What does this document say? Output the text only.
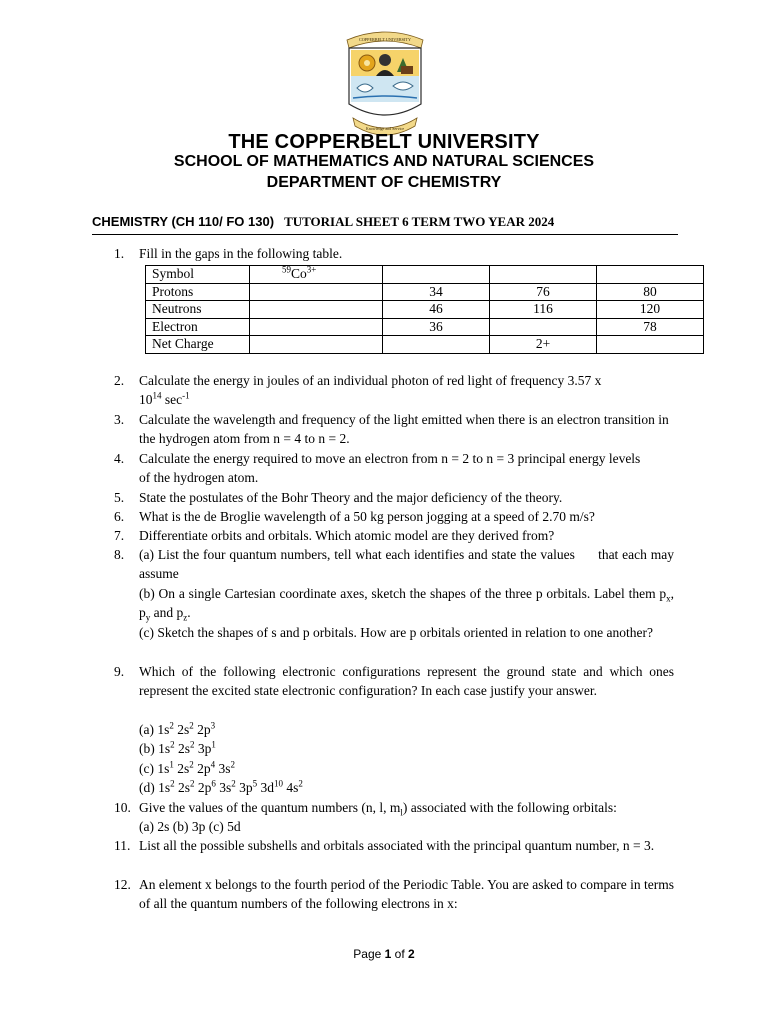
COPPERBELT UNIVERSITY
Knowledge and Service
THE COPPERBELT UNIVERSITY
SCHOOL OF MATHEMATICS AND NATURAL SCIENCES
DEPARTMENT OF CHEMISTRY
CHEMISTRY (CH 110/ FO 130) TUTORIAL SHEET 6 TERM TWO YEAR 2024
1.	Fill in the gaps in the following table.
Symbol	$^{59}Co^{3+}$			
Protons		34	76	80
Neutrons		46	116	120
Electron		36		78
Net Charge			2+	
2.	Calculate the energy in joules of an individual photon of red light of frequency 3.57 x
$10^{14}$ $\sec^{-1}$
3.	Calculate the wavelength and frequency of the light emitted when there is an electron transition in the hydrogen atom from n = 4 to n = 2.
4.	Calculate the energy required to move an electron from n = 2 to n = 3 principal energy levels of the hydrogen atom.
5.	State the postulates of the Bohr Theory and the major deficiency of the theory.
6.	What is the de Broglie wavelength of a 50 kg person jogging at a speed of 2.70 m/s?
7.	Differentiate orbits and orbitals. Which atomic model are they derived from?
8.	(a) List the four quantum numbers, tell what each identifies and state the values      that each may assume
(b) On a single Cartesian coordinate axes, sketch the shapes of the three p orbitals. Label them $p_x$, $p_y$ and $p_z$.
(c) Sketch the shapes of s and p orbitals. How are p orbitals oriented in relation to one another?
9.	Which of the following electronic configurations represent the ground state and which ones represent the excited state electronic configuration? In each case justify your answer.
(a) $1s^2$ $2s^2$ $2p^3$
(b) $1s^2$ $2s^2$ $3p^1$
(c) $1s^1$ $2s^2$ $2p^4$ $3s^2$
(d) $1s^2$ $2s^2$ $2p^6$ $3s^2$ $3p^5$ $3d^{10}$ $4s^2$
10. Give the values of the quantum numbers (n, l, $m_l$) associated with the following orbitals:
(a) 2s (b) 3p (c) 5d
11. List all the possible subshells and orbitals associated with the principal quantum number, n = 3.
12. An element x belongs to the fourth period of the Periodic Table. You are asked to compare in terms of all the quantum numbers of the following electrons in x:
Page 1 of 2
